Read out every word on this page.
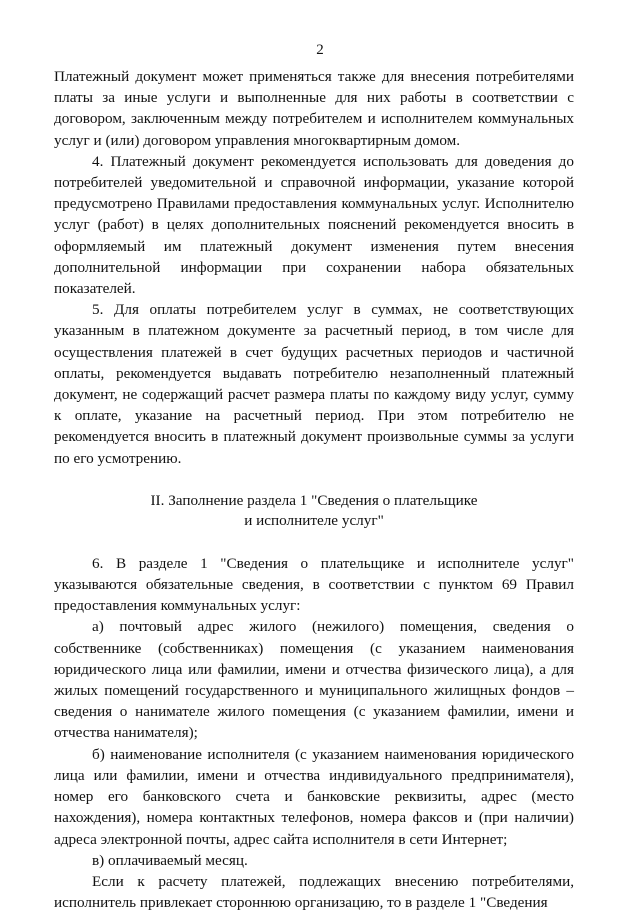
2

Платежный документ может применяться также для внесения потребителями платы за иные услуги и выполненные для них работы в соответствии с договором, заключенным между потребителем и исполнителем коммунальных услуг и (или) договором управления многоквартирным домом.

4. Платежный документ рекомендуется использовать для доведения до потребителей уведомительной и справочной информации, указание которой предусмотрено Правилами предоставления коммунальных услуг. Исполнителю услуг (работ) в целях дополнительных пояснений рекомендуется вносить в оформляемый им платежный документ изменения путем внесения дополнительной информации при сохранении набора обязательных показателей.

5. Для оплаты потребителем услуг в суммах, не соответствующих указанным в платежном документе за расчетный период, в том числе для осуществления платежей в счет будущих расчетных периодов и частичной оплаты, рекомендуется выдавать потребителю незаполненный платежный документ, не содержащий расчет размера платы по каждому виду услуг, сумму к оплате, указание на расчетный период. При этом потребителю не рекомендуется вносить в платежный документ произвольные суммы за услуги по его усмотрению.

II. Заполнение раздела 1 "Сведения о плательщике
и исполнителе услуг"

6. В разделе 1 "Сведения о плательщике и исполнителе услуг" указываются обязательные сведения, в соответствии с пунктом 69 Правил предоставления коммунальных услуг:

а) почтовый адрес жилого (нежилого) помещения, сведения о собственнике (собственниках) помещения (с указанием наименования юридического лица или фамилии, имени и отчества физического лица), а для жилых помещений государственного и муниципального жилищных фондов – сведения о нанимателе жилого помещения (с указанием фамилии, имени и отчества нанимателя);

б) наименование исполнителя (с указанием наименования юридического лица или фамилии, имени и отчества индивидуального предпринимателя), номер его банковского счета и банковские реквизиты, адрес (место нахождения), номера контактных телефонов, номера факсов и (при наличии) адреса электронной почты, адрес сайта исполнителя в сети Интернет;

в) оплачиваемый месяц.

Если к расчету платежей, подлежащих внесению потребителями, исполнитель привлекает стороннюю организацию, то в разделе 1 "Сведения
